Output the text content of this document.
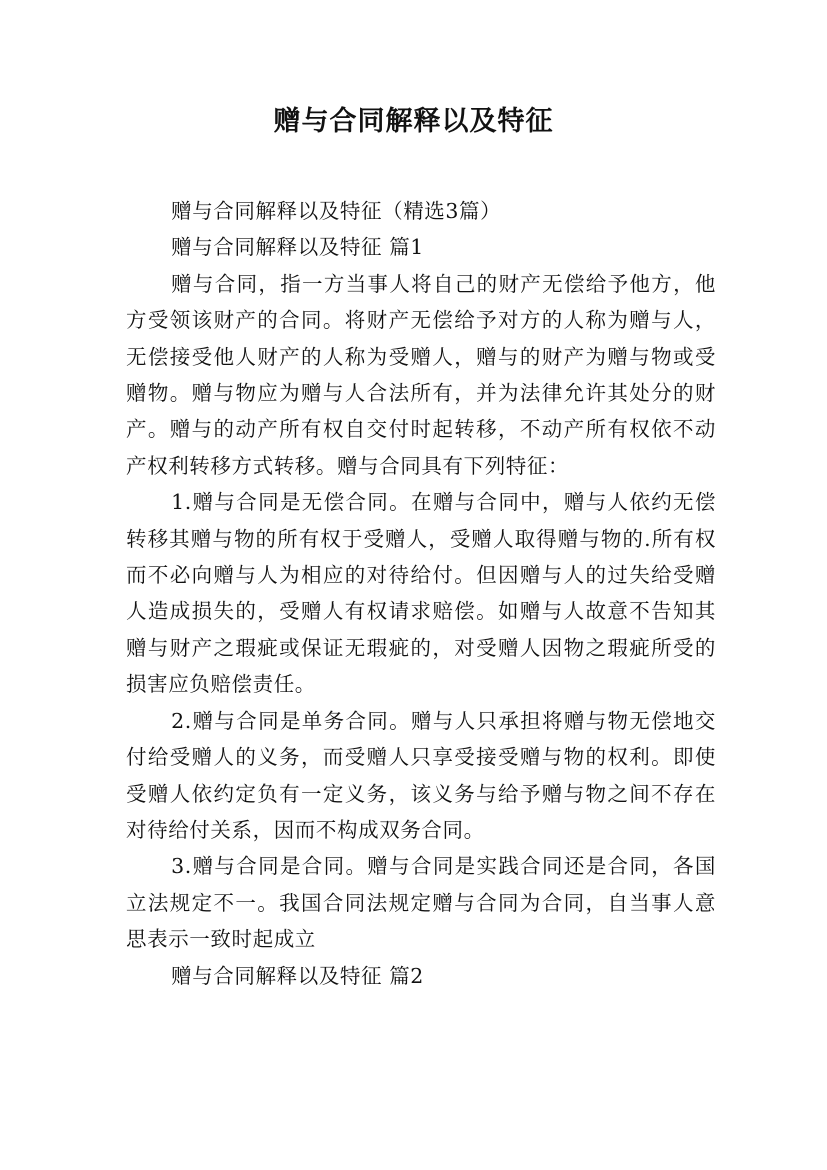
赠与合同解释以及特征

赠与合同解释以及特征（精选3篇）

赠与合同解释以及特征 篇1

赠与合同，指一方当事人将自己的财产无偿给予他方，他方受领该财产的合同。将财产无偿给予对方的人称为赠与人，无偿接受他人财产的人称为受赠人，赠与的财产为赠与物或受赠物。赠与物应为赠与人合法所有，并为法律允许其处分的财产。赠与的动产所有权自交付时起转移，不动产所有权依不动产权利转移方式转移。赠与合同具有下列特征：

1.赠与合同是无偿合同。在赠与合同中，赠与人依约无偿转移其赠与物的所有权于受赠人，受赠人取得赠与物的.所有权而不必向赠与人为相应的对待给付。但因赠与人的过失给受赠人造成损失的，受赠人有权请求赔偿。如赠与人故意不告知其赠与财产之瑕疵或保证无瑕疵的，对受赠人因物之瑕疵所受的损害应负赔偿责任。

2.赠与合同是单务合同。赠与人只承担将赠与物无偿地交付给受赠人的义务，而受赠人只享受接受赠与物的权利。即使受赠人依约定负有一定义务，该义务与给予赠与物之间不存在对待给付关系，因而不构成双务合同。

3.赠与合同是合同。赠与合同是实践合同还是合同，各国立法规定不一。我国合同法规定赠与合同为合同，自当事人意思表示一致时起成立

赠与合同解释以及特征 篇2
